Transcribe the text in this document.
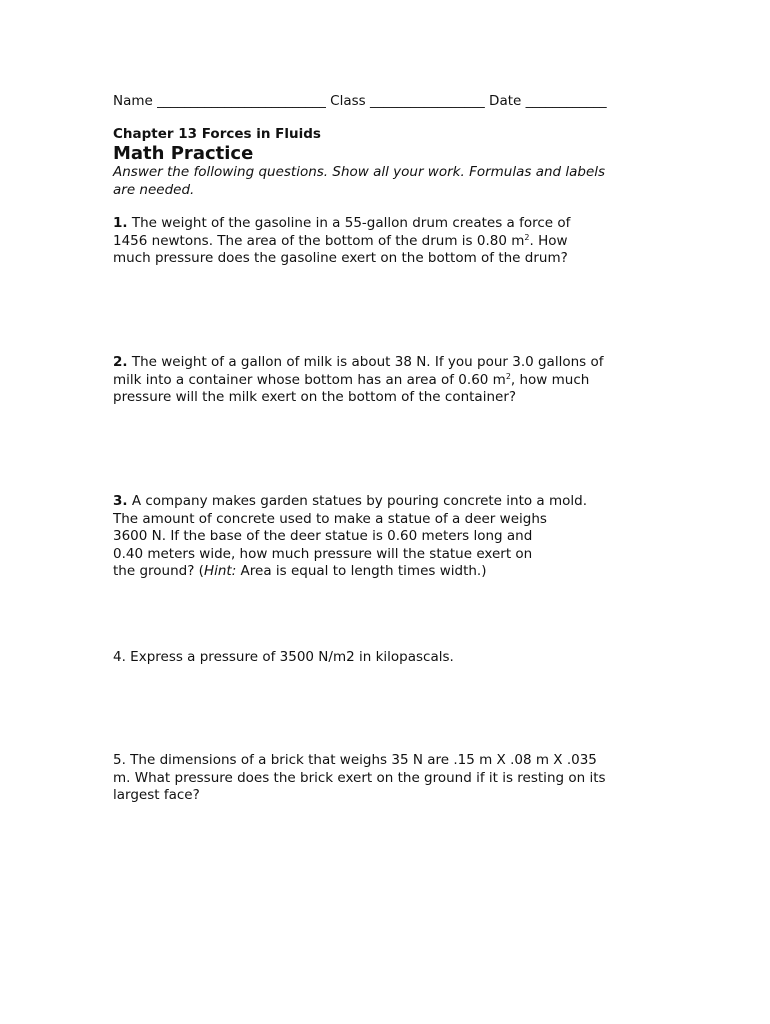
Name _________________________ Class _________________ Date ____________
Chapter 13 Forces in Fluids
Math Practice
Answer the following questions. Show all your work. Formulas and labels
are needed.
1. The weight of the gasoline in a 55-gallon drum creates a force of
1456 newtons. The area of the bottom of the drum is 0.80 $m^2$. How
much pressure does the gasoline exert on the bottom of the drum?
2. The weight of a gallon of milk is about 38 N. If you pour 3.0 gallons of
milk into a container whose bottom has an area of 0.60 $m^2$, how much
pressure will the milk exert on the bottom of the container?
3. A company makes garden statues by pouring concrete into a mold.
The amount of concrete used to make a statue of a deer weighs
3600 N. If the base of the deer statue is 0.60 meters long and
0.40 meters wide, how much pressure will the statue exert on
the ground? (Hint: Area is equal to length times width.)
4. Express a pressure of 3500 N/m2 in kilopascals.
5. The dimensions of a brick that weighs 35 N are .15 m X .08 m X .035
m. What pressure does the brick exert on the ground if it is resting on its
largest face?
